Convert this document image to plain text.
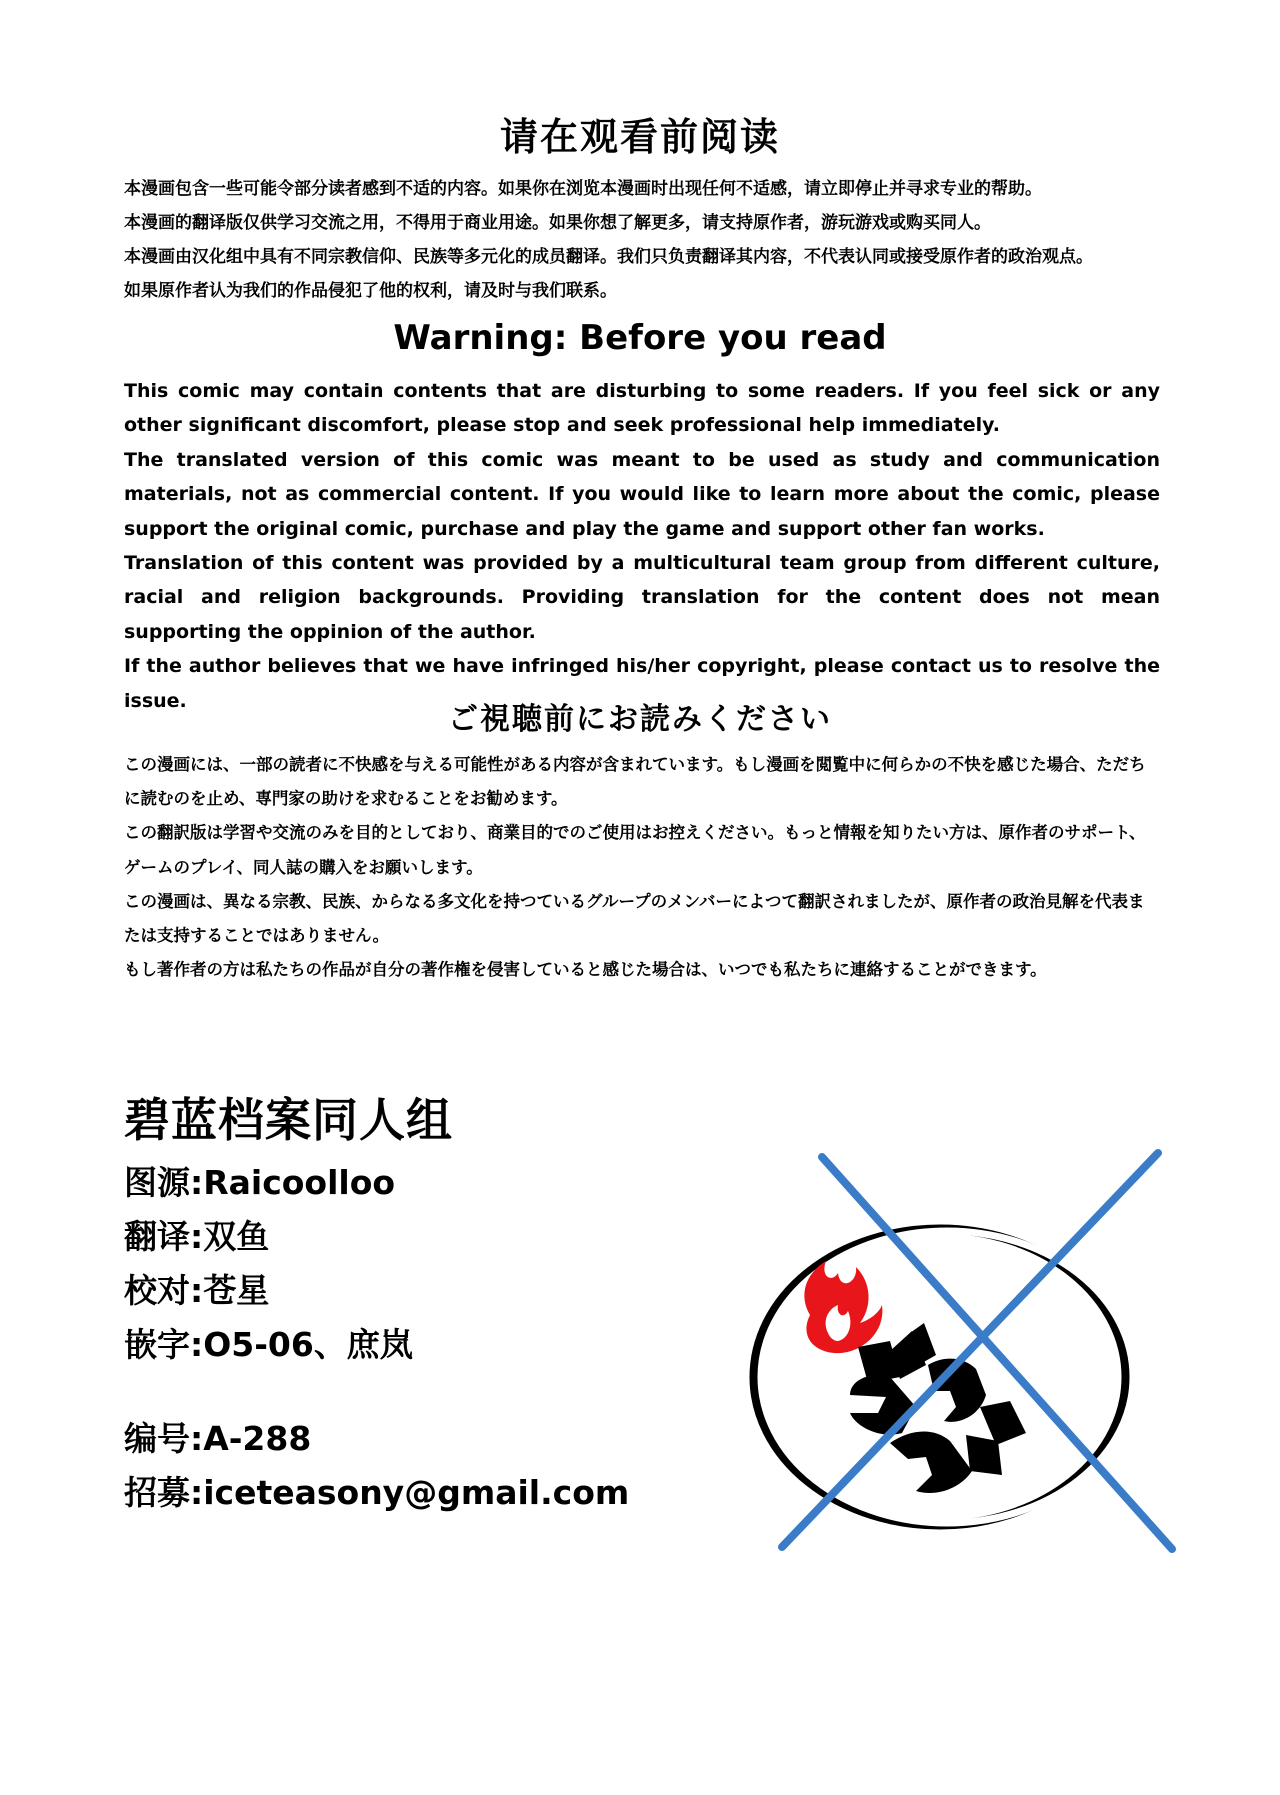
请在观看前阅读

本漫画包含一些可能令部分读者感到不适的内容。如果你在浏览本漫画时出现任何不适感，请立即停止并寻求专业的帮助。

本漫画的翻译版仅供学习交流之用，不得用于商业用途。如果你想了解更多，请支持原作者，游玩游戏或购买同人。

本漫画由汉化组中具有不同宗教信仰、民族等多元化的成员翻译。我们只负责翻译其内容，不代表认同或接受原作者的政治观点。

如果原作者认为我们的作品侵犯了他的权利，请及时与我们联系。

Warning: Before you read

This comic may contain contents that are disturbing to some readers. If you feel sick or any other significant discomfort, please stop and seek professional help immediately.

The translated version of this comic was meant to be used as study and communication materials, not as commercial content. If you would like to learn more about the comic, please support the original comic, purchase and play the game and support other fan works.

Translation of this content was provided by a multicultural team group from different culture, racial and religion backgrounds. Providing translation for the content does not mean supporting the oppinion of the author.

If the author believes that we have infringed his/her copyright, please contact us to resolve the issue.

ご視聴前にお読みください

この漫画には、一部の読者に不快感を与える可能性がある内容が含まれています。もし漫画を閲覧中に何らかの不快を感じた場合、ただちに読むのを止め、専門家の助けを求むることをお勧めます。

この翻訳版は学習や交流のみを目的としており、商業目的でのご使用はお控えください。もっと情報を知りたい方は、原作者のサポート、ゲームのプレイ、同人誌の購入をお願いします。

この漫画は、異なる宗教、民族、からなる多文化を持つているグループのメンバーによつて翻訳されましたが、原作者の政治見解を代表または支持することではありません。

もし著作者の方は私たちの作品が自分の著作権を侵害していると感じた場合は、いつでも私たちに連絡することができます。

碧蓝档案同人组

图源:Raicoolloo

翻译:双鱼

校对:苍星

嵌字:O5-06、庶岚

编号:A-288

招募:iceteasony@gmail.com
